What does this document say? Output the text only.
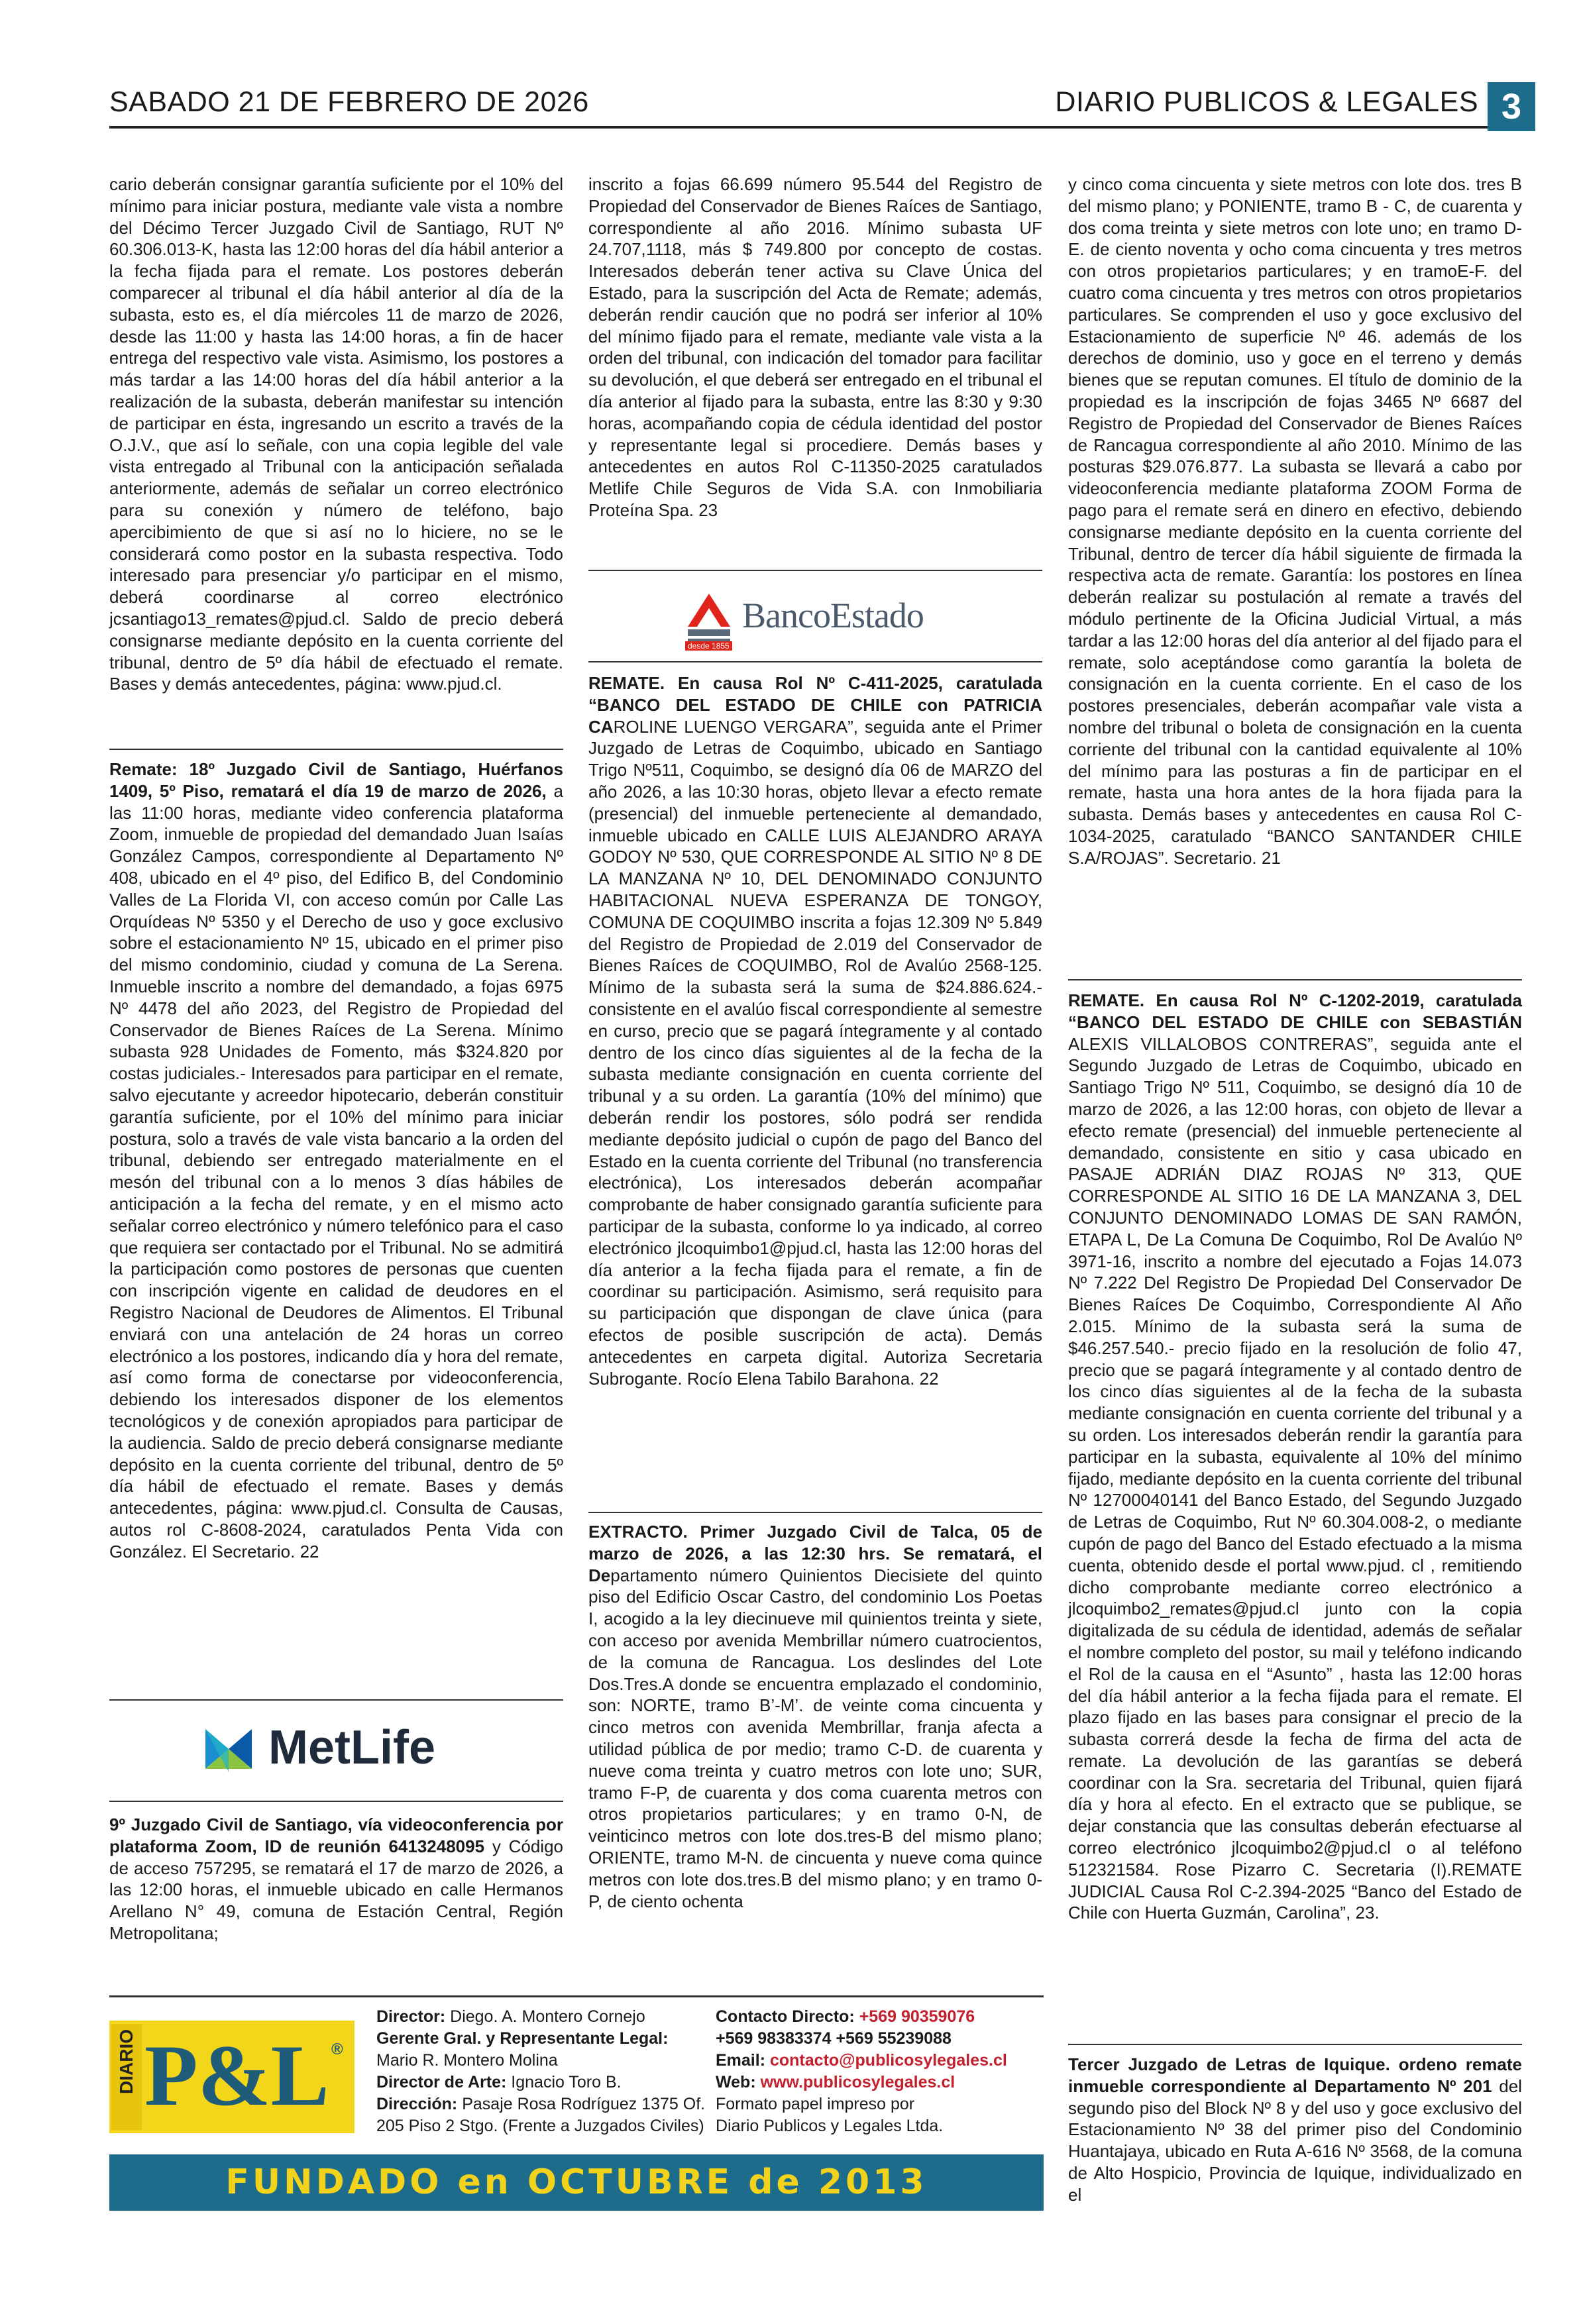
SABADO 21 DE FEBRERO DE 2026	DIARIO PUBLICOS & LEGALES 3

cario deberán consignar garantía suficiente por el 10% del mínimo para iniciar postura, mediante vale vista a nombre del Décimo Tercer Juzgado Civil de Santiago, RUT Nº 60.306.013-K, hasta las 12:00 horas del día hábil anterior a la fecha fijada para el remate. Los postores deberán comparecer al tribunal el día hábil anterior al día de la subasta, esto es, el día miércoles 11 de marzo de 2026, desde las 11:00 y hasta las 14:00 horas, a fin de hacer entrega del respectivo vale vista. Asimismo, los postores a más tardar a las 14:00 horas del día hábil anterior a la realización de la subasta, deberán manifestar su intención de participar en ésta, ingresando un escrito a través de la O.J.V., que así lo señale, con una copia legible del vale vista entregado al Tribunal con la anticipación señalada anteriormente, además de señalar un correo electrónico para su conexión y número de teléfono, bajo apercibimiento de que si así no lo hiciere, no se le considerará como postor en la subasta respectiva. Todo interesado para presenciar y/o participar en el mismo, deberá coordinarse al correo electrónico jcsantiago13_remates@pjud.cl. Saldo de precio deberá consignarse mediante depósito en la cuenta corriente del tribunal, dentro de 5º día hábil de efectuado el remate. Bases y demás antecedentes, página: www.pjud.cl.

Remate: 18º Juzgado Civil de Santiago, Huérfanos 1409, 5º Piso, rematará el día 19 de marzo de 2026, a las 11:00 horas, mediante video conferencia plataforma Zoom, inmueble de propiedad del demandado Juan Isaías González Campos, correspondiente al Departamento Nº 408, ubicado en el 4º piso, del Edifico B, del Condominio Valles de La Florida VI, con acceso común por Calle Las Orquídeas Nº 5350 y el Derecho de uso y goce exclusivo sobre el estacionamiento Nº 15, ubicado en el primer piso del mismo condominio, ciudad y comuna de La Serena. Inmueble inscrito a nombre del demandado, a fojas 6975 Nº 4478 del año 2023, del Registro de Propiedad del Conservador de Bienes Raíces de La Serena. Mínimo subasta 928 Unidades de Fomento, más $324.820 por costas judiciales.- Interesados para participar en el remate, salvo ejecutante y acreedor hipotecario, deberán constituir garantía suficiente, por el 10% del mínimo para iniciar postura, solo a través de vale vista bancario a la orden del tribunal, debiendo ser entregado materialmente en el mesón del tribunal con a lo menos 3 días hábiles de anticipación a la fecha del remate, y en el mismo acto señalar correo electrónico y número telefónico para el caso que requiera ser contactado por el Tribunal. No se admitirá la participación como postores de personas que cuenten con inscripción vigente en calidad de deudores en el Registro Nacional de Deudores de Alimentos. El Tribunal enviará con una antelación de 24 horas un correo electrónico a los postores, indicando día y hora del remate, así como forma de conectarse por videoconferencia, debiendo los interesados disponer de los elementos tecnológicos y de conexión apropiados para participar de la audiencia. Saldo de precio deberá consignarse mediante depósito en la cuenta corriente del tribunal, dentro de 5º día hábil de efectuado el remate. Bases y demás antecedentes, página: www.pjud.cl. Consulta de Causas, autos rol C-8608-2024, caratulados Penta Vida con González. El Secretario. 22

MetLife

9º Juzgado Civil de Santiago, vía videoconferencia por plataforma Zoom, ID de reunión 6413248095 y Código de acceso 757295, se rematará el 17 de marzo de 2026, a las 12:00 horas, el inmueble ubicado en calle Hermanos Arellano N° 49, comuna de Estación Central, Región Metropolitana;

inscrito a fojas 66.699 número 95.544 del Registro de Propiedad del Conservador de Bienes Raíces de Santiago, correspondiente al año 2016. Mínimo subasta UF 24.707,1118, más $ 749.800 por concepto de costas. Interesados deberán tener activa su Clave Única del Estado, para la suscripción del Acta de Remate; además, deberán rendir caución que no podrá ser inferior al 10% del mínimo fijado para el remate, mediante vale vista a la orden del tribunal, con indicación del tomador para facilitar su devolución, el que deberá ser entregado en el tribunal el día anterior al fijado para la subasta, entre las 8:30 y 9:30 horas, acompañando copia de cédula identidad del postor y representante legal si procediere. Demás bases y antecedentes en autos Rol C-11350-2025 caratulados Metlife Chile Seguros de Vida S.A. con Inmobiliaria Proteína Spa. 23

BancoEstado
desde 1855

REMATE. En causa Rol Nº C-411-2025, caratulada “BANCO DEL ESTADO DE CHILE con PATRICIA CAROLINE LUENGO VERGARA”, seguida ante el Primer Juzgado de Letras de Coquimbo, ubicado en Santiago Trigo Nº511, Coquimbo, se designó día 06 de MARZO del año 2026, a las 10:30 horas, objeto llevar a efecto remate (presencial) del inmueble perteneciente al demandado, inmueble ubicado en CALLE LUIS ALEJANDRO ARAYA GODOY Nº 530, QUE CORRESPONDE AL SITIO Nº 8 DE LA MANZANA Nº 10, DEL DENOMINADO CONJUNTO HABITACIONAL NUEVA ESPERANZA DE TONGOY, COMUNA DE COQUIMBO inscrita a fojas 12.309 Nº 5.849 del Registro de Propiedad de 2.019 del Conservador de Bienes Raíces de COQUIMBO, Rol de Avalúo 2568-125. Mínimo de la subasta será la suma de $24.886.624.- consistente en el avalúo fiscal correspondiente al semestre en curso, precio que se pagará íntegramente y al contado dentro de los cinco días siguientes al de la fecha de la subasta mediante consignación en cuenta corriente del tribunal y a su orden. La garantía (10% del mínimo) que deberán rendir los postores, sólo podrá ser rendida mediante depósito judicial o cupón de pago del Banco del Estado en la cuenta corriente del Tribunal (no transferencia electrónica), Los interesados deberán acompañar comprobante de haber consignado garantía suficiente para participar de la subasta, conforme lo ya indicado, al correo electrónico jlcoquimbo1@pjud.cl, hasta las 12:00 horas del día anterior a la fecha fijada para el remate, a fin de coordinar su participación. Asimismo, será requisito para su participación que dispongan de clave única (para efectos de posible suscripción de acta). Demás antecedentes en carpeta digital. Autoriza Secretaria Subrogante. Rocío Elena Tabilo Barahona. 22

EXTRACTO. Primer Juzgado Civil de Talca, 05 de marzo de 2026, a las 12:30 hrs. Se rematará, el Departamento número Quinientos Diecisiete del quinto piso del Edificio Oscar Castro, del condominio Los Poetas I, acogido a la ley diecinueve mil quinientos treinta y siete, con acceso por avenida Membrillar número cuatrocientos, de la comuna de Rancagua. Los deslindes del Lote Dos.Tres.A donde se encuentra emplazado el condominio, son: NORTE, tramo B’-M’. de veinte coma cincuenta y cinco metros con avenida Membrillar, franja afecta a utilidad pública de por medio; tramo C-D. de cuarenta y nueve coma treinta y cuatro metros con lote uno; SUR, tramo F-P, de cuarenta y dos coma cuarenta metros con otros propietarios particulares; y en tramo 0-N, de veinticinco metros con lote dos.tres-B del mismo plano; ORIENTE, tramo M-N. de cincuenta y nueve coma quince metros con lote dos.tres.B del mismo plano; y en tramo 0-P, de ciento ochenta

y cinco coma cincuenta y siete metros con lote dos. tres B del mismo plano; y PONIENTE, tramo B - C, de cuarenta y dos coma treinta y siete metros con lote uno; en tramo D-E. de ciento noventa y ocho coma cincuenta y tres metros con otros propietarios particulares; y en tramoE-F. del cuatro coma cincuenta y tres metros con otros propietarios particulares. Se comprenden el uso y goce exclusivo del Estacionamiento de superficie Nº 46. además de los derechos de dominio, uso y goce en el terreno y demás bienes que se reputan comunes. El título de dominio de la propiedad es la inscripción de fojas 3465 Nº 6687 del Registro de Propiedad del Conservador de Bienes Raíces de Rancagua correspondiente al año 2010. Mínimo de las posturas $29.076.877. La subasta se llevará a cabo por videoconferencia mediante plataforma ZOOM Forma de pago para el remate será en dinero en efectivo, debiendo consignarse mediante depósito en la cuenta corriente del Tribunal, dentro de tercer día hábil siguiente de firmada la respectiva acta de remate. Garantía: los postores en línea deberán realizar su postulación al remate a través del módulo pertinente de la Oficina Judicial Virtual, a más tardar a las 12:00 horas del día anterior al del fijado para el remate, solo aceptándose como garantía la boleta de consignación en la cuenta corriente. En el caso de los postores presenciales, deberán acompañar vale vista a nombre del tribunal o boleta de consignación en la cuenta corriente del tribunal con la cantidad equivalente al 10% del mínimo para las posturas a fin de participar en el remate, hasta una hora antes de la hora fijada para la subasta. Demás bases y antecedentes en causa Rol C-1034-2025, caratulado “BANCO SANTANDER CHILE S.A/ROJAS”. Secretario. 21

REMATE. En causa Rol Nº C-1202-2019, caratulada “BANCO DEL ESTADO DE CHILE con SEBASTIÁN ALEXIS VILLALOBOS CONTRERAS”, seguida ante el Segundo Juzgado de Letras de Coquimbo, ubicado en Santiago Trigo Nº 511, Coquimbo, se designó día 10 de marzo de 2026, a las 12:00 horas, con objeto de llevar a efecto remate (presencial) del inmueble perteneciente al demandado, consistente en sitio y casa ubicado en PASAJE ADRIÁN DIAZ ROJAS Nº 313, QUE CORRESPONDE AL SITIO 16 DE LA MANZANA 3, DEL CONJUNTO DENOMINADO LOMAS DE SAN RAMÓN, ETAPA L, De La Comuna De Coquimbo, Rol De Avalúo Nº 3971-16, inscrito a nombre del ejecutado a Fojas 14.073 Nº 7.222 Del Registro De Propiedad Del Conservador De Bienes Raíces De Coquimbo, Correspondiente Al Año 2.015. Mínimo de la subasta será la suma de $46.257.540.- precio fijado en la resolución de folio 47, precio que se pagará íntegramente y al contado dentro de los cinco días siguientes al de la fecha de la subasta mediante consignación en cuenta corriente del tribunal y a su orden. Los interesados deberán rendir la garantía para participar en la subasta, equivalente al 10% del mínimo fijado, mediante depósito en la cuenta corriente del tribunal Nº 12700040141 del Banco Estado, del Segundo Juzgado de Letras de Coquimbo, Rut Nº 60.304.008-2, o mediante cupón de pago del Banco del Estado efectuado a la misma cuenta, obtenido desde el portal www.pjud. cl , remitiendo dicho comprobante mediante correo electrónico a jlcoquimbo2_remates@pjud.cl junto con la copia digitalizada de su cédula de identidad, además de señalar el nombre completo del postor, su mail y teléfono indicando el Rol de la causa en el “Asunto” , hasta las 12:00 horas del día hábil anterior a la fecha fijada para el remate. El plazo fijado en las bases para consignar el precio de la subasta correrá desde la fecha de firma del acta de remate. La devolución de las garantías se deberá coordinar con la Sra. secretaria del Tribunal, quien fijará día y hora al efecto. En el extracto que se publique, se dejar constancia que las consultas deberán efectuarse al correo electrónico jlcoquimbo2@pjud.cl o al teléfono 512321584. Rose Pizarro C. Secretaria (I).REMATE JUDICIAL Causa Rol C-2.394-2025 “Banco del Estado de Chile con Huerta Guzmán, Carolina”, 23.

Tercer Juzgado de Letras de Iquique. ordeno remate inmueble correspondiente al Departamento Nº 201 del segundo piso del Block Nº 8 y del uso y goce exclusivo del Estacionamiento Nº 38 del primer piso del Condominio Huantajaya, ubicado en Ruta A-616 Nº 3568, de la comuna de Alto Hospicio, Provincia de Iquique, individualizado en el

DIARIO P&L ®
Director: Diego. A. Montero Cornejo
Gerente Gral. y Representante Legal:
Mario R. Montero Molina
Director de Arte: Ignacio Toro B.
Dirección: Pasaje Rosa Rodríguez 1375 Of.
205 Piso 2 Stgo. (Frente a Juzgados Civiles)
Contacto Directo: +569 90359076
+569 98383374 +569 55239088
Email: contacto@publicosylegales.cl
Web: www.publicosylegales.cl
Formato papel impreso por
Diario Publicos y Legales Ltda.
FUNDADO en OCTUBRE de 2013
